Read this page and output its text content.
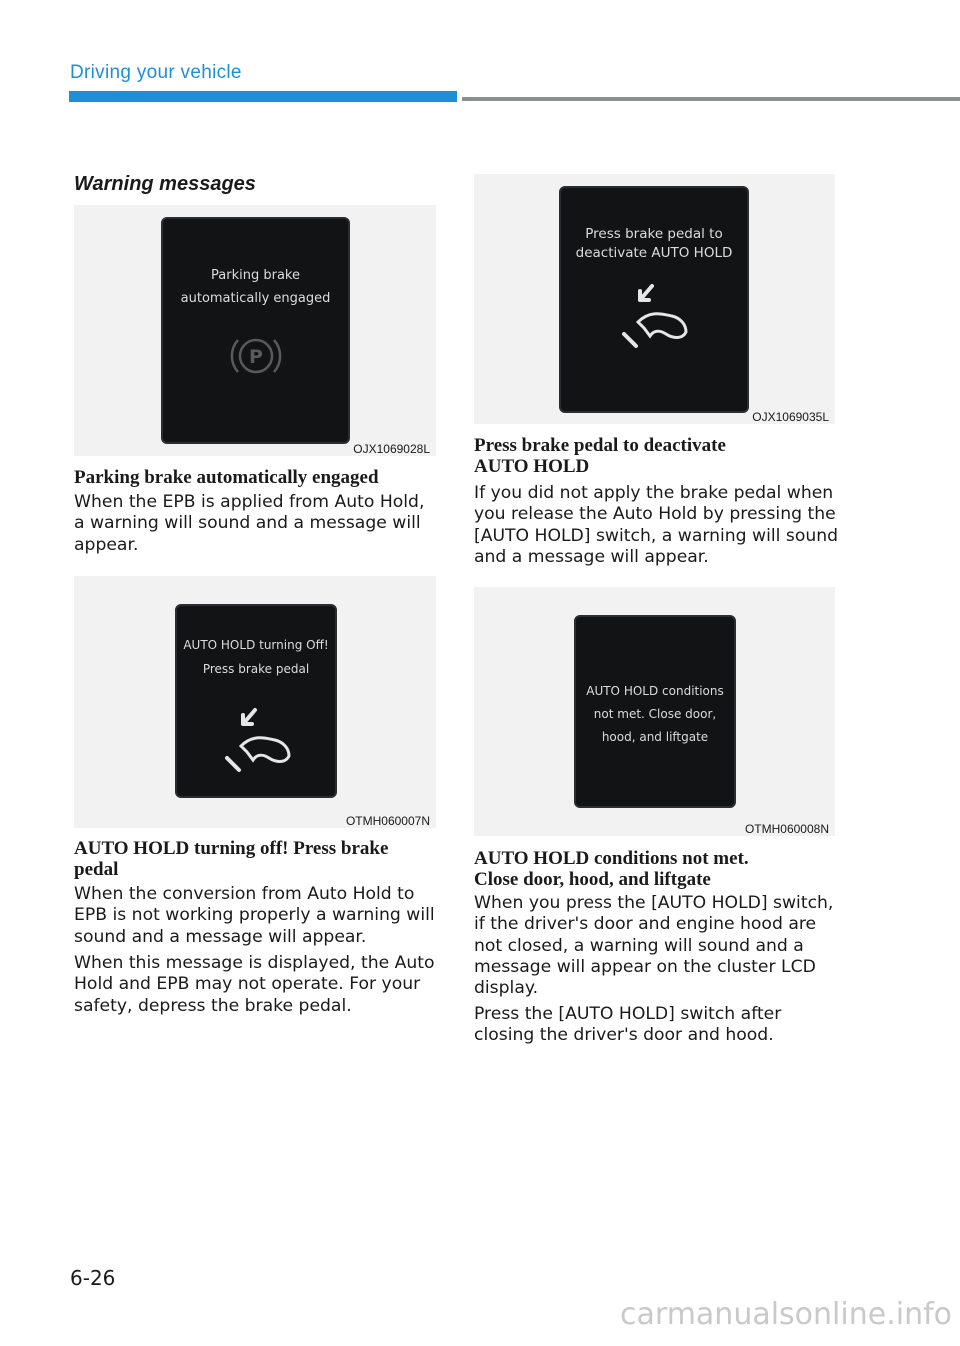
Driving your vehicle
Warning messages
Parking brake
automatically engaged
P
OJX1069028L
Parking brake automatically engaged

When the EPB is applied from Auto Hold, a warning will sound and a message will appear.

AUTO HOLD turning Off!
Press brake pedal
OTMH060007N
AUTO HOLD turning off! Press brake
pedal

When the conversion from Auto Hold to EPB is not working properly a warning will sound and a message will appear.

When this message is displayed, the Auto Hold and EPB may not operate. For your safety, depress the brake pedal.

Press brake pedal to
deactivate AUTO HOLD
OJX1069035L
Press brake pedal to deactivate
AUTO HOLD

If you did not apply the brake pedal when you release the Auto Hold by pressing the [AUTO HOLD] switch, a warning will sound and a message will appear.

AUTO HOLD conditions
not met. Close door,
hood, and liftgate
OTMH060008N
AUTO HOLD conditions not met.
Close door, hood, and liftgate

When you press the [AUTO HOLD] switch, if the driver's door and engine hood are not closed, a warning will sound and a message will appear on the cluster LCD display.

Press the [AUTO HOLD] switch after closing the driver's door and hood.

6-26
carmanualsonline.info
